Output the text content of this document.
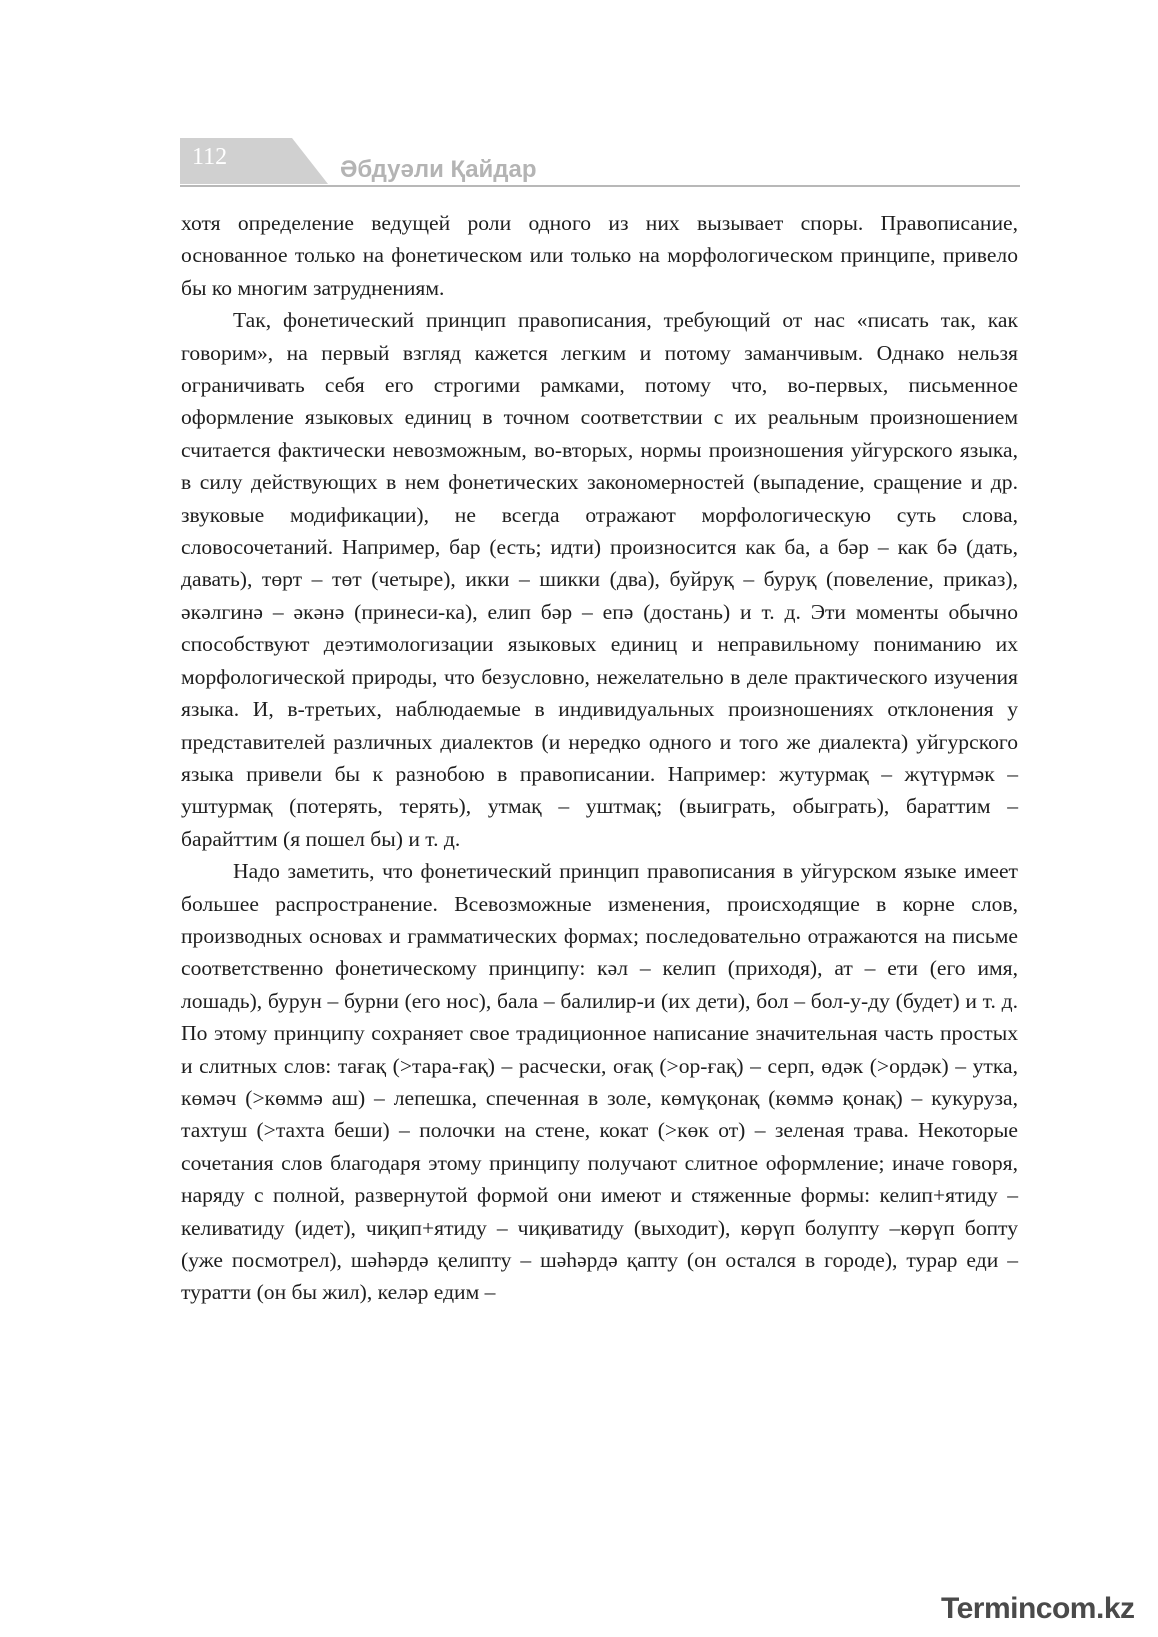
112	Әбдуәли Қайдар

хотя определение ведущей роли одного из них вызывает споры. Правописание, основанное только на фонетическом или только на морфологическом принципе, привело бы ко многим затруднениям.

Так, фонетический принцип правописания, требующий от нас «писать так, как говорим», на первый взгляд кажется легким и потому заманчивым. Однако нельзя ограничивать себя его строгими рамками, потому что, во-первых, письменное оформление языковых единиц в точном соответствии с их реальным произношением считается фактически невозможным, во-вторых, нормы произношения уйгурского языка, в силу действующих в нем фонетических закономерностей (выпадение, сращение и др. звуковые модификации), не всегда отражают морфологическую суть слова, словосочетаний. Например, бар (есть; идти) произносится как ба, а бәр – как бә (дать, давать), төрт – төт (четыре), икки – шикки (два), буйруқ – буруқ (повеление, приказ), әкәлгинә – әкәнә (принеси-ка), елип бәр – епә (достань) и т. д. Эти моменты обычно способствуют деэтимологизации языковых единиц и неправильному пониманию их морфологической природы, что безусловно, нежелательно в деле практического изучения языка. И, в-третьих, наблюдаемые в индивидуальных произношениях отклонения у представителей различных диалектов (и нередко одного и того же диалекта) уйгурского языка привели бы к разнобою в правописании. Например: жутурмақ – жүтүрмәк – уштурмақ (потерять, терять), утмақ – уштмақ; (выиграть, обыграть), бараттим – барайттим (я пошел бы) и т. д.

Надо заметить, что фонетический принцип правописания в уйгурском языке имеет большее распространение. Всевозможные изменения, происходящие в корне слов, производных основах и грамматических формах; последовательно отражаются на письме соответственно фонетическому принципу: кәл – келип (приходя), ат – ети (его имя, лошадь), бурун – бурни (его нос), бала – балилир-и (их дети), бол – бол-у-ду (будет) и т. д. По этому принципу сохраняет свое традиционное написание значительная часть простых и слитных слов: тағақ (>тара-ғақ) – расчески, оғақ (>ор-ғақ) – серп, өдәк (>ордәк) – утка, көмәч (>көммә аш) – лепешка, спеченная в золе, көмүқонақ (көммә қонақ) – кукуруза, тахтуш (>тахта беши) – полочки на стене, кокат (>көк от) – зеленая трава. Некоторые сочетания слов благодаря этому принципу получают слитное оформление; иначе говоря, наряду с полной, развернутой формой они имеют и стяженные формы: келип+ятиду –келиватиду (идет), чиқип+ятиду – чиқиватиду (выходит), көрүп болупту –көрүп бопту (уже посмотрел), шәһәрдә қелипту – шәһәрдә қапту (он остался в городе), турар еди – туратти (он бы жил), келәр едим –

Termincom.kz
